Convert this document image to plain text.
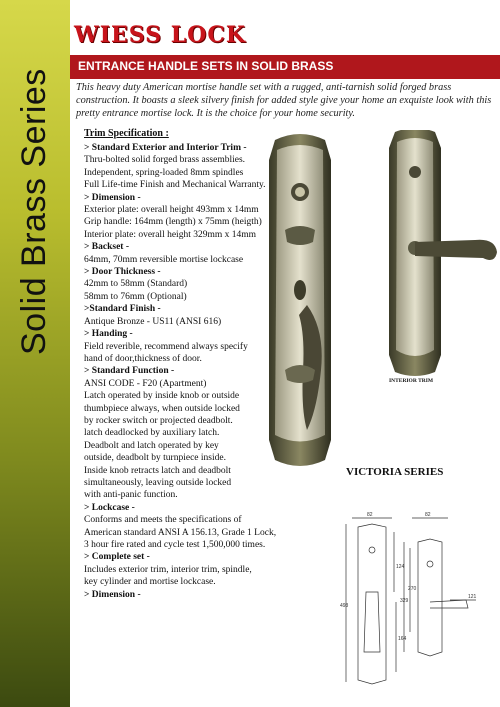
Solid Brass Series
WIESS LOCK
ENTRANCE HANDLE SETS IN SOLID BRASS

This heavy duty American mortise handle set with a rugged, anti-tarnish solid forged brass construction. It boasts a sleek silvery finish for added style give your home an exquiste look with this pretty entrance mortise lock. It is the choice for your home security.

Trim Specification :
> Standard Exterior and Interior Trim -
Thru-bolted solid forged brass assemblies.
Independent, spring-loaded 8mm spindles
Full Life-time Finish and Mechanical Warranty.
> Dimension -
Exterior plate: overall height 493mm x 14mm
Grip handle: 164mm (length) x 75mm (heigth)
Interior plate: overall height 329mm x 14mm
> Backset -
64mm, 70mm reversible mortise lockcase
> Door Thickness -
42mm to 58mm (Standard)
58mm to 76mm (Optional)
>Standard Finish -
Antique Bronze - US11 (ANSI 616)
> Handing -
Field reverible, recommend always specify
hand of door,thickness of door.
> Standard Function -
ANSI CODE - F20 (Apartment)
Latch operated by inside knob or outside
thumbpiece always, when outside locked
by rocker switch or projected deadbolt.
latch deadlocked by auxiliary latch.
Deadbolt and latch operated by key
outside, deadbolt by turnpiece inside.
Inside knob retracts latch and deadbolt
simultaneously, leaving outside locked
with anti-panic function.
> Lockcase -
Conforms and meets the specifications of
American standard ANSI A 156.13, Grade 1 Lock,
3 hour fire rated and cycle test 1,500,000 times.
> Complete set -
Includes exterior trim, interior trim, spindle,
key cylinder and mortise lockcase.
> Dimension -
INTERIOR TRIM
VICTORIA SERIES
82	82
124
329
270
164
493
121
